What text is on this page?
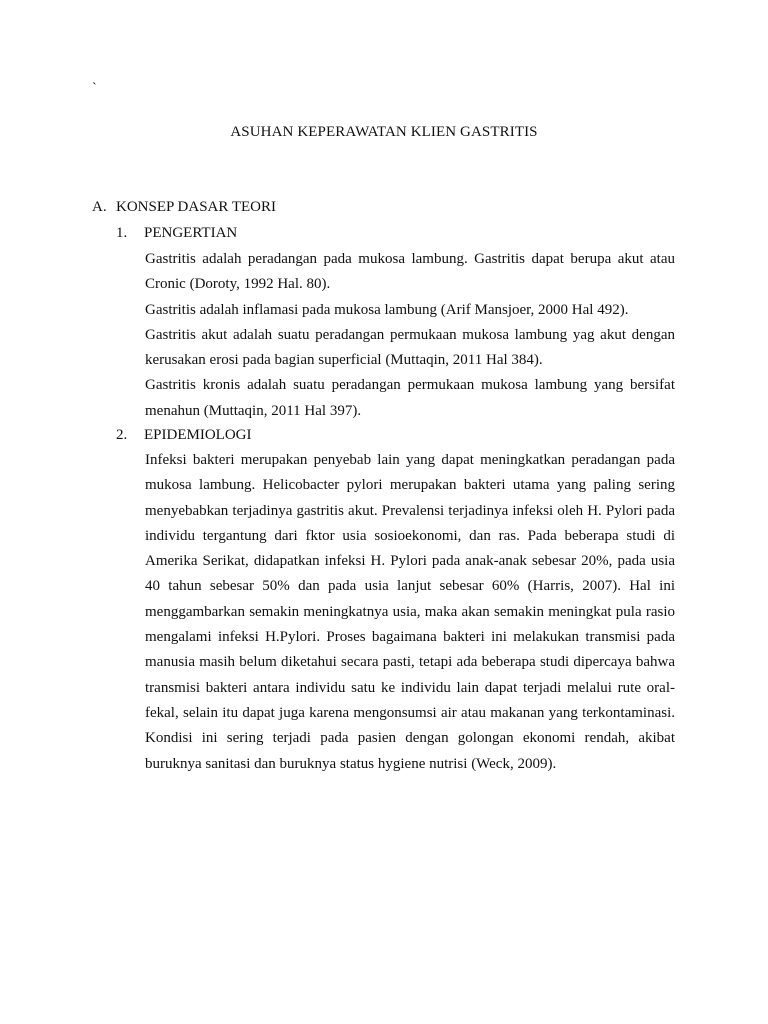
`
ASUHAN KEPERAWATAN KLIEN GASTRITIS
A. KONSEP DASAR TEORI
1. PENGERTIAN

Gastritis adalah peradangan pada mukosa lambung. Gastritis dapat berupa akut atau Cronic (Doroty, 1992 Hal. 80).

Gastritis adalah inflamasi pada mukosa lambung (Arif Mansjoer, 2000 Hal 492).

Gastritis akut adalah suatu peradangan permukaan mukosa lambung yag akut dengan kerusakan erosi pada bagian superficial (Muttaqin, 2011 Hal 384).

Gastritis kronis adalah suatu peradangan permukaan mukosa lambung yang bersifat menahun (Muttaqin, 2011 Hal 397).

2. EPIDEMIOLOGI

Infeksi bakteri merupakan penyebab lain yang dapat meningkatkan peradangan pada mukosa lambung. Helicobacter pylori merupakan bakteri utama yang paling sering menyebabkan terjadinya gastritis akut. Prevalensi terjadinya infeksi oleh H. Pylori pada individu tergantung dari fktor usia sosioekonomi, dan ras. Pada beberapa studi di Amerika Serikat, didapatkan infeksi H. Pylori pada anak-anak sebesar 20%, pada usia 40 tahun sebesar 50% dan pada usia lanjut sebesar 60% (Harris, 2007). Hal ini menggambarkan semakin meningkatnya usia, maka akan semakin meningkat pula rasio mengalami infeksi H.Pylori. Proses bagaimana bakteri ini melakukan transmisi pada manusia masih belum diketahui secara pasti, tetapi ada beberapa studi dipercaya bahwa transmisi bakteri antara individu satu ke individu lain dapat terjadi melalui rute oral-fekal, selain itu dapat juga karena mengonsumsi air atau makanan yang terkontaminasi. Kondisi ini sering terjadi pada pasien dengan golongan ekonomi rendah, akibat buruknya sanitasi dan buruknya status hygiene nutrisi (Weck, 2009).
